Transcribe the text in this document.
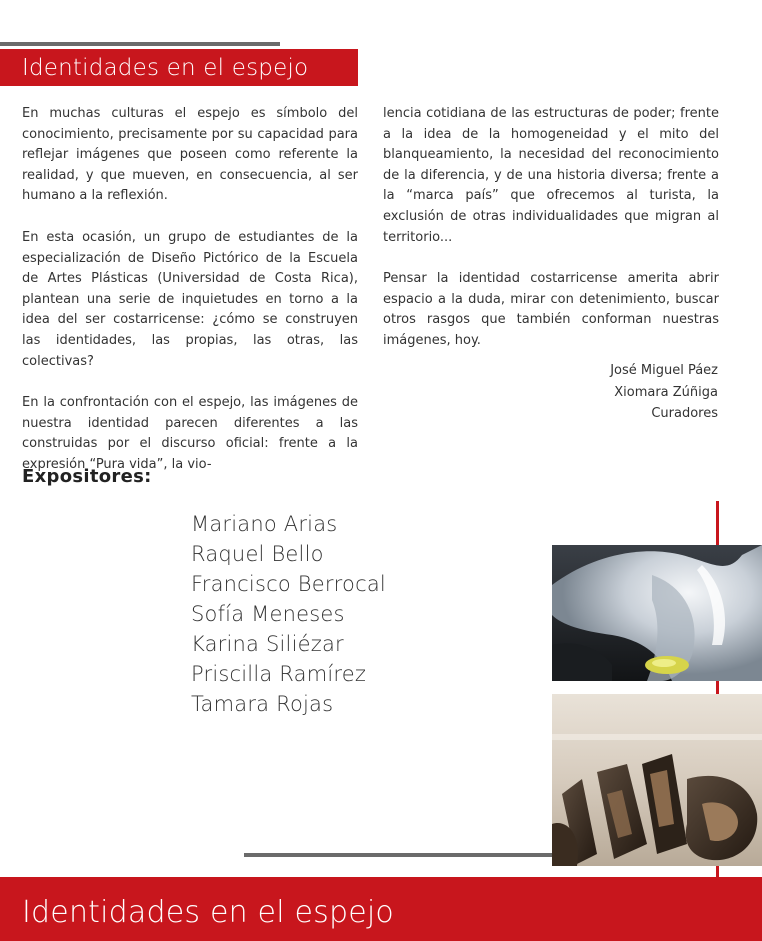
Identidades en el espejo

En muchas culturas el espejo es símbolo del conocimiento, precisamente por su capacidad para reflejar imágenes que poseen como referente la realidad, y que mueven, en consecuencia, al ser humano a la reflexión.

En esta ocasión, un grupo de estudiantes de la especialización de Diseño Pictórico de la Escuela de Artes Plásticas (Universidad de Costa Rica), plantean una serie de inquietudes en torno a la idea del ser costarricense: ¿cómo se construyen las identidades, las propias, las otras, las colectivas?

En la confrontación con el espejo, las imágenes de nuestra identidad parecen diferentes a las construidas por el discurso oficial: frente a la expresión “Pura vida”, la vio-

lencia cotidiana de las estructuras de poder; frente a la idea de la homogeneidad y el mito del blanqueamiento, la necesidad del reconocimiento de la diferencia, y de una historia diversa; frente a la “marca país” que ofrecemos al turista, la exclusión de otras individualidades que migran al territorio...

Pensar la identidad costarricense amerita abrir espacio a la duda, mirar con detenimiento, buscar otros rasgos que también conforman nuestras imágenes, hoy.

José Miguel Páez
Xiomara Zúñiga
Curadores
Expositores:
Mariano Arias
Raquel Bello
Francisco Berrocal
Sofía Meneses
Karina Siliézar
Priscilla Ramírez
Tamara Rojas
Identidades en el espejo
